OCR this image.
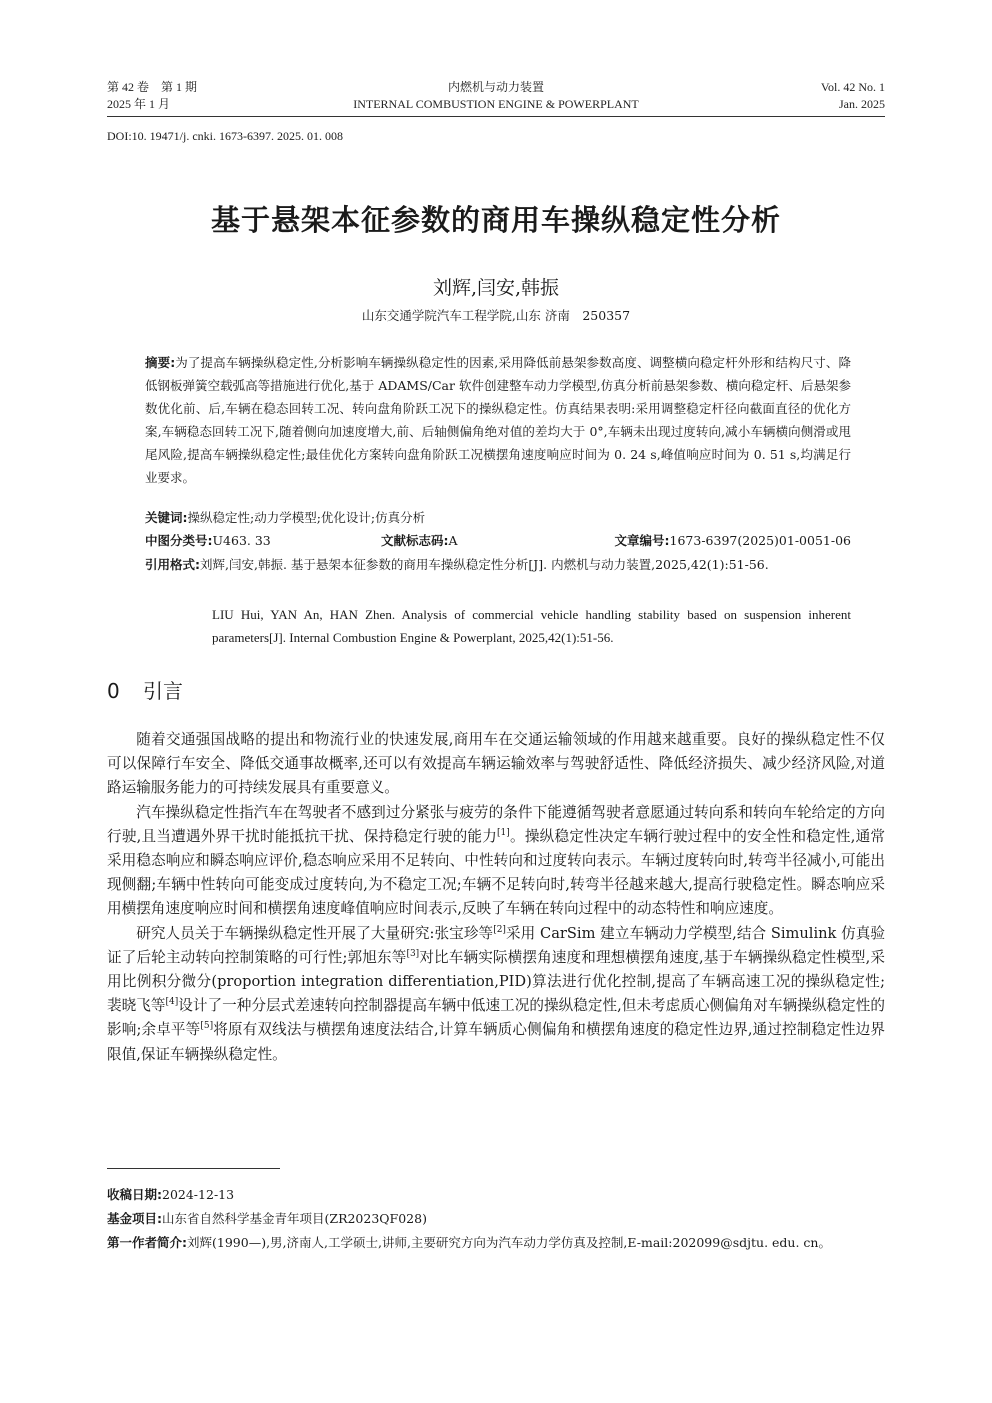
第 42 卷　第 1 期
2025 年 1 月
内燃机与动力装置
INTERNAL COMBUSTION ENGINE & POWERPLANT
Vol. 42 No. 1
Jan. 2025
DOI:10. 19471/j. cnki. 1673-6397. 2025. 01. 008
基于悬架本征参数的商用车操纵稳定性分析
刘辉,闫安,韩振
山东交通学院汽车工程学院,山东 济南　250357
摘要:为了提高车辆操纵稳定性,分析影响车辆操纵稳定性的因素,采用降低前悬架参数高度、调整横向稳定杆外形和结构尺寸、降低钢板弹簧空载弧高等措施进行优化,基于 ADAMS/Car 软件创建整车动力学模型,仿真分析前悬架参数、横向稳定杆、后悬架参数优化前、后,车辆在稳态回转工况、转向盘角阶跃工况下的操纵稳定性。仿真结果表明:采用调整稳定杆径向截面直径的优化方案,车辆稳态回转工况下,随着侧向加速度增大,前、后轴侧偏角绝对值的差均大于 0°,车辆未出现过度转向,减小车辆横向侧滑或甩尾风险,提高车辆操纵稳定性;最佳优化方案转向盘角阶跃工况横摆角速度响应时间为 0. 24 s,峰值响应时间为 0. 51 s,均满足行业要求。
关键词:操纵稳定性;动力学模型;优化设计;仿真分析
中图分类号:U463. 33	文献标志码:A	文章编号:1673-6397(2025)01-0051-06
引用格式:刘辉,闫安,韩振. 基于悬架本征参数的商用车操纵稳定性分析[J]. 内燃机与动力装置,2025,42(1):51-56.
LIU Hui, YAN An, HAN Zhen. Analysis of commercial vehicle handling stability based on suspension inherent parameters[J]. Internal Combustion Engine & Powerplant, 2025,42(1):51-56.
0 引言

随着交通强国战略的提出和物流行业的快速发展,商用车在交通运输领域的作用越来越重要。良好的操纵稳定性不仅可以保障行车安全、降低交通事故概率,还可以有效提高车辆运输效率与驾驶舒适性、降低经济损失、减少经济风险,对道路运输服务能力的可持续发展具有重要意义。

汽车操纵稳定性指汽车在驾驶者不感到过分紧张与疲劳的条件下能遵循驾驶者意愿通过转向系和转向车轮给定的方向行驶,且当遭遇外界干扰时能抵抗干扰、保持稳定行驶的能力[1]。操纵稳定性决定车辆行驶过程中的安全性和稳定性,通常采用稳态响应和瞬态响应评价,稳态响应采用不足转向、中性转向和过度转向表示。车辆过度转向时,转弯半径减小,可能出现侧翻;车辆中性转向可能变成过度转向,为不稳定工况;车辆不足转向时,转弯半径越来越大,提高行驶稳定性。瞬态响应采用横摆角速度响应时间和横摆角速度峰值响应时间表示,反映了车辆在转向过程中的动态特性和响应速度。

研究人员关于车辆操纵稳定性开展了大量研究:张宝珍等[2]采用 CarSim 建立车辆动力学模型,结合 Simulink 仿真验证了后轮主动转向控制策略的可行性;郭旭东等[3]对比车辆实际横摆角速度和理想横摆角速度,基于车辆操纵稳定性模型,采用比例积分微分(proportion integration differentiation,PID)算法进行优化控制,提高了车辆高速工况的操纵稳定性;裴晓飞等[4]设计了一种分层式差速转向控制器提高车辆中低速工况的操纵稳定性,但未考虑质心侧偏角对车辆操纵稳定性的影响;余卓平等[5]将原有双线法与横摆角速度法结合,计算车辆质心侧偏角和横摆角速度的稳定性边界,通过控制稳定性边界限值,保证车辆操纵稳定性。

收稿日期:2024-12-13
基金项目:山东省自然科学基金青年项目(ZR2023QF028)
第一作者简介:刘辉(1990—),男,济南人,工学硕士,讲师,主要研究方向为汽车动力学仿真及控制,E-mail:202099@sdjtu. edu. cn。
